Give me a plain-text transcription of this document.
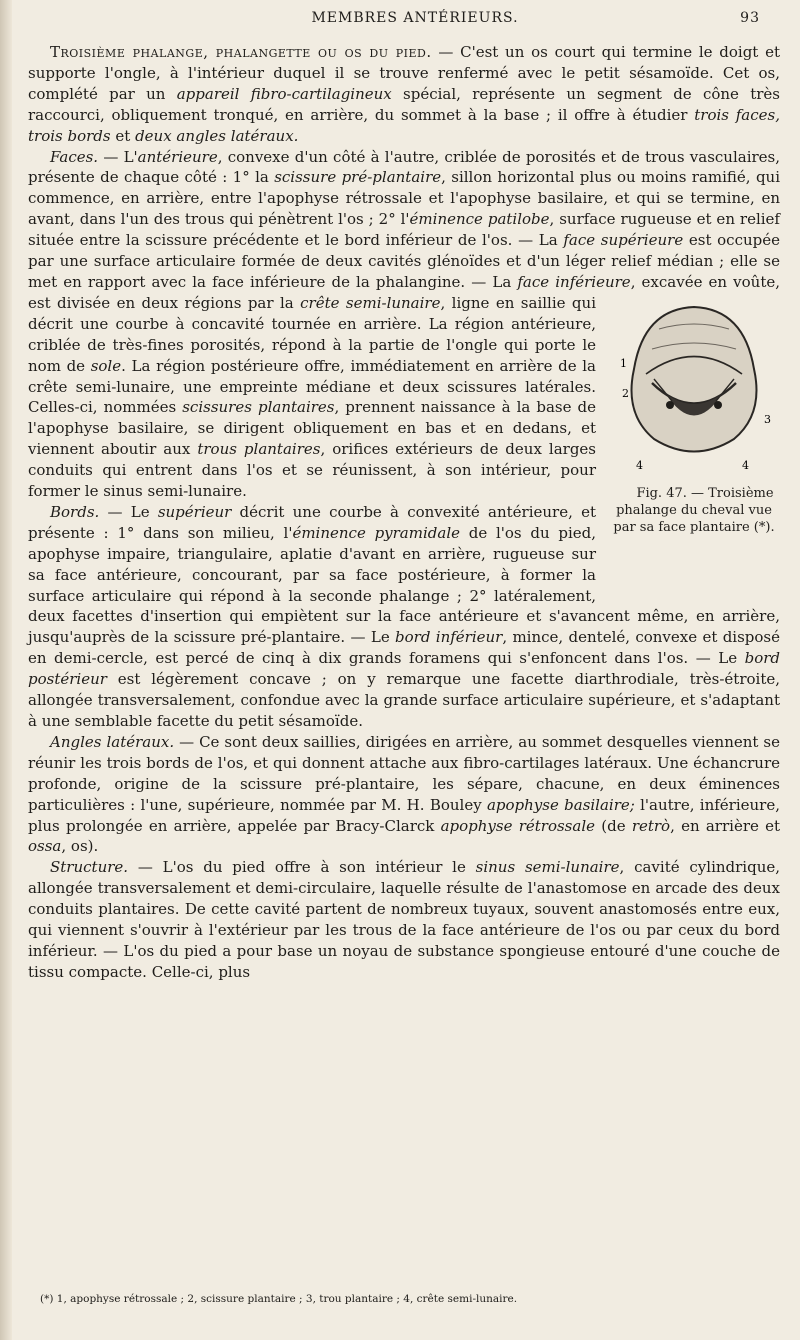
MEMBRES ANTÉRIEURS.	93

Troisième phalange, phalangette ou os du pied. — C'est un os court qui termine le doigt et supporte l'ongle, à l'intérieur duquel il se trouve renfermé avec le petit sésamoïde. Cet os, complété par un appareil fibro-cartilagineux spécial, représente un segment de cône très raccourci, obliquement tronqué, en arrière, du sommet à la base ; il offre à étudier trois faces, trois bords et deux angles latéraux.

Faces. — L'antérieure, convexe d'un côté à l'autre, criblée de porosités et de trous vasculaires, présente de chaque côté : 1° la scissure pré-plantaire, sillon horizontal plus ou moins ramifié, qui commence, en arrière, entre l'apophyse rétrossale et l'apophyse basilaire, et qui se termine, en avant, dans l'un des trous qui pénètrent l'os ; 2° l'éminence patilobe, surface rugueuse et en relief située entre la scissure précédente et le bord inférieur de l'os. — La face supérieure est occupée par une surface articulaire formée de deux cavités glénoïdes et d'un léger relief médian ; elle se met en rapport avec la face inférieure de la phalangine. — La face inférieure, excavée en voûte, est divisée en deux régions par la
1
2
3
4	4
Fig. 47. — Troisième phalange du cheval vue par sa face plantaire (*).
crête semi-lunaire, ligne en saillie qui décrit une courbe à concavité tournée en arrière. La région antérieure, criblée de très-fines porosités, répond à la partie de l'ongle qui porte le nom de sole. La région postérieure offre, immédiatement en arrière de la crête semi-lunaire, une empreinte médiane et deux scissures latérales. Celles-ci, nommées scissures plantaires, prennent naissance à la base de l'apophyse basilaire, se dirigent obliquement en bas et en dedans, et viennent aboutir aux trous plantaires, orifices extérieurs de deux larges conduits qui entrent dans l'os et se réunissent, à son intérieur, pour former le sinus semi-lunaire.

Bords. — Le supérieur décrit une courbe à convexité antérieure, et présente : 1° dans son milieu, l'éminence pyramidale de l'os du pied, apophyse impaire, triangulaire, aplatie d'avant en arrière, rugueuse sur sa face antérieure, concourant, par sa face postérieure, à former la surface articulaire qui répond à la seconde phalange ; 2° latéralement, deux facettes d'insertion qui empiètent sur la face antérieure et s'avancent même, en arrière, jusqu'auprès de la scissure pré-plantaire. — Le bord inférieur, mince, dentelé, convexe et disposé en demi-cercle, est percé de cinq à dix grands foramens qui s'enfoncent dans l'os. — Le bord postérieur est légèrement concave ; on y remarque une facette diarthrodiale, très-étroite, allongée transversalement, confondue avec la grande surface articulaire supérieure, et s'adaptant à une semblable facette du petit sésamoïde.

Angles latéraux. — Ce sont deux saillies, dirigées en arrière, au sommet desquelles viennent se réunir les trois bords de l'os, et qui donnent attache aux fibro-cartilages latéraux. Une échancrure profonde, origine de la scissure pré-plantaire, les sépare, chacune, en deux éminences particulières : l'une, supérieure, nommée par M. H. Bouley apophyse basilaire; l'autre, inférieure, plus prolongée en arrière, appelée par Bracy-Clarck apophyse rétrossale (de retrò, en arrière et ossa, os).

Structure. — L'os du pied offre à son intérieur le sinus semi-lunaire, cavité cylindrique, allongée transversalement et demi-circulaire, laquelle résulte de l'anastomose en arcade des deux conduits plantaires. De cette cavité partent de nombreux tuyaux, souvent anastomosés entre eux, qui viennent s'ouvrir à l'extérieur par les trous de la face antérieure de l'os ou par ceux du bord inférieur. — L'os du pied a pour base un noyau de substance spongieuse entouré d'une couche de tissu compacte. Celle-ci, plus

(*) 1, apophyse rétrossale ; 2, scissure plantaire ; 3, trou plantaire ; 4, crête semi-lunaire.
